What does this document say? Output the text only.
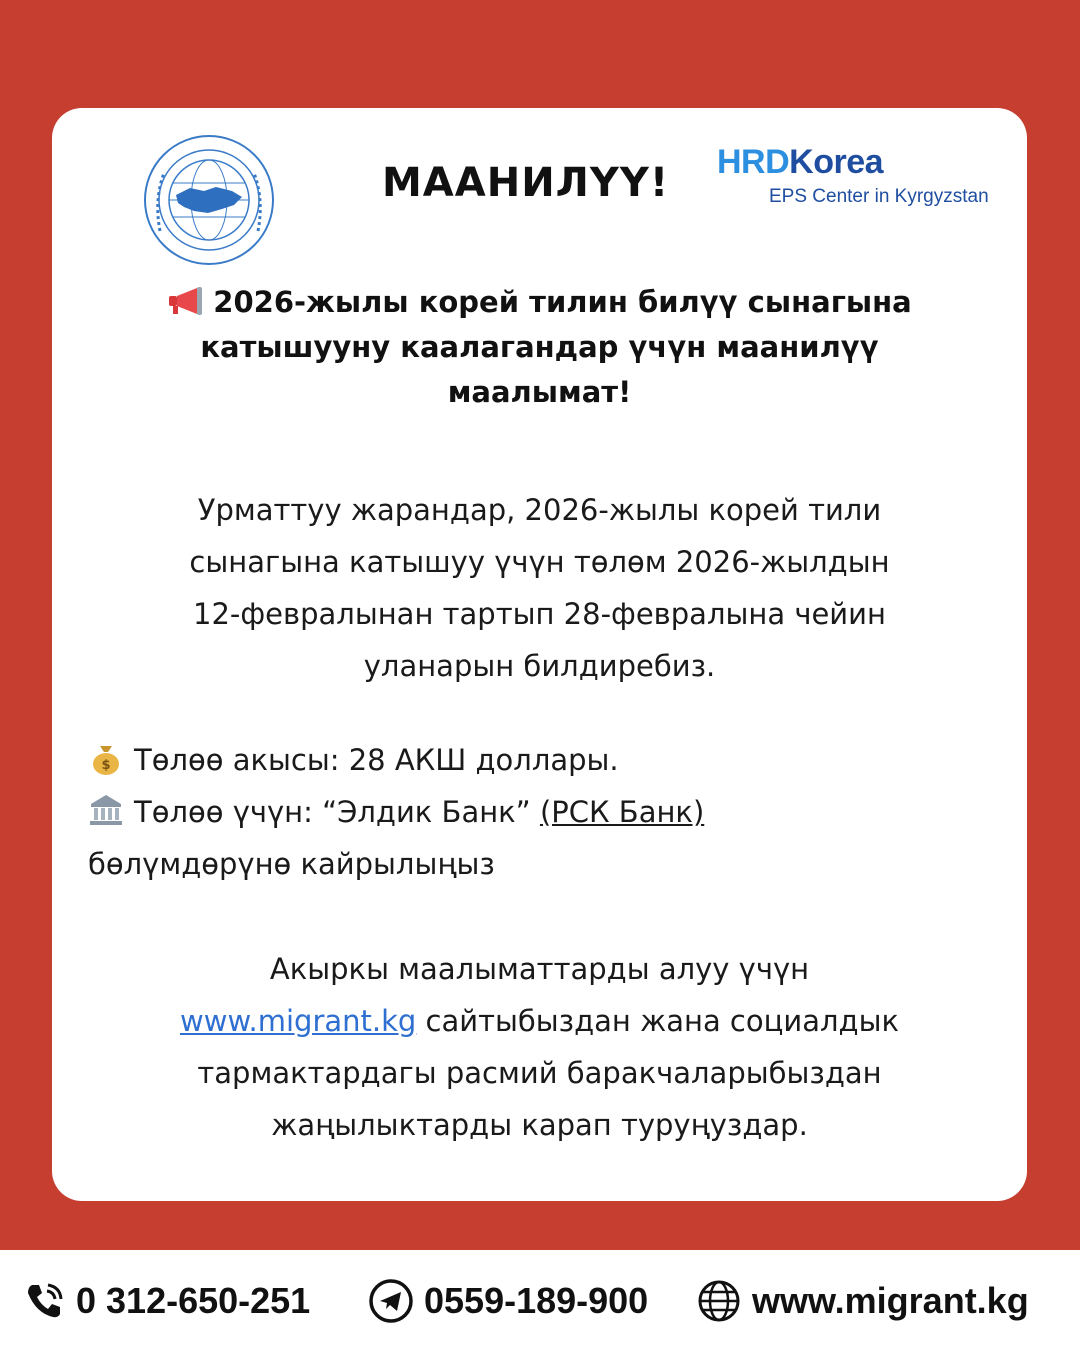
МААНИЛҮҮ! HRDKorea
EPS Center in Kyrgyzstan
2026-жылы корей тилин билүү сынагына
катышууну каалагандар үчүн маанилүү
маалымат!
Урматтуу жарандар, 2026-жылы корей тили
сынагына катышуу үчүн төлөм 2026-жылдын
12-февралынан тартып 28-февралына чейин
уланарын билдиребиз.
$ Төлөө акысы: 28 АКШ доллары.
Төлөө үчүн: “Элдик Банк” (РСК Банк)
бөлүмдөрүнө кайрылыңыз
Акыркы маалыматтарды алуу үчүн
www.migrant.kg сайтыбыздан жана социалдык
тармактардагы расмий баракчаларыбыздан
жаңылыктарды карап туруңуздар.
0 312-650-251	0559-189-900	www.migrant.kg
